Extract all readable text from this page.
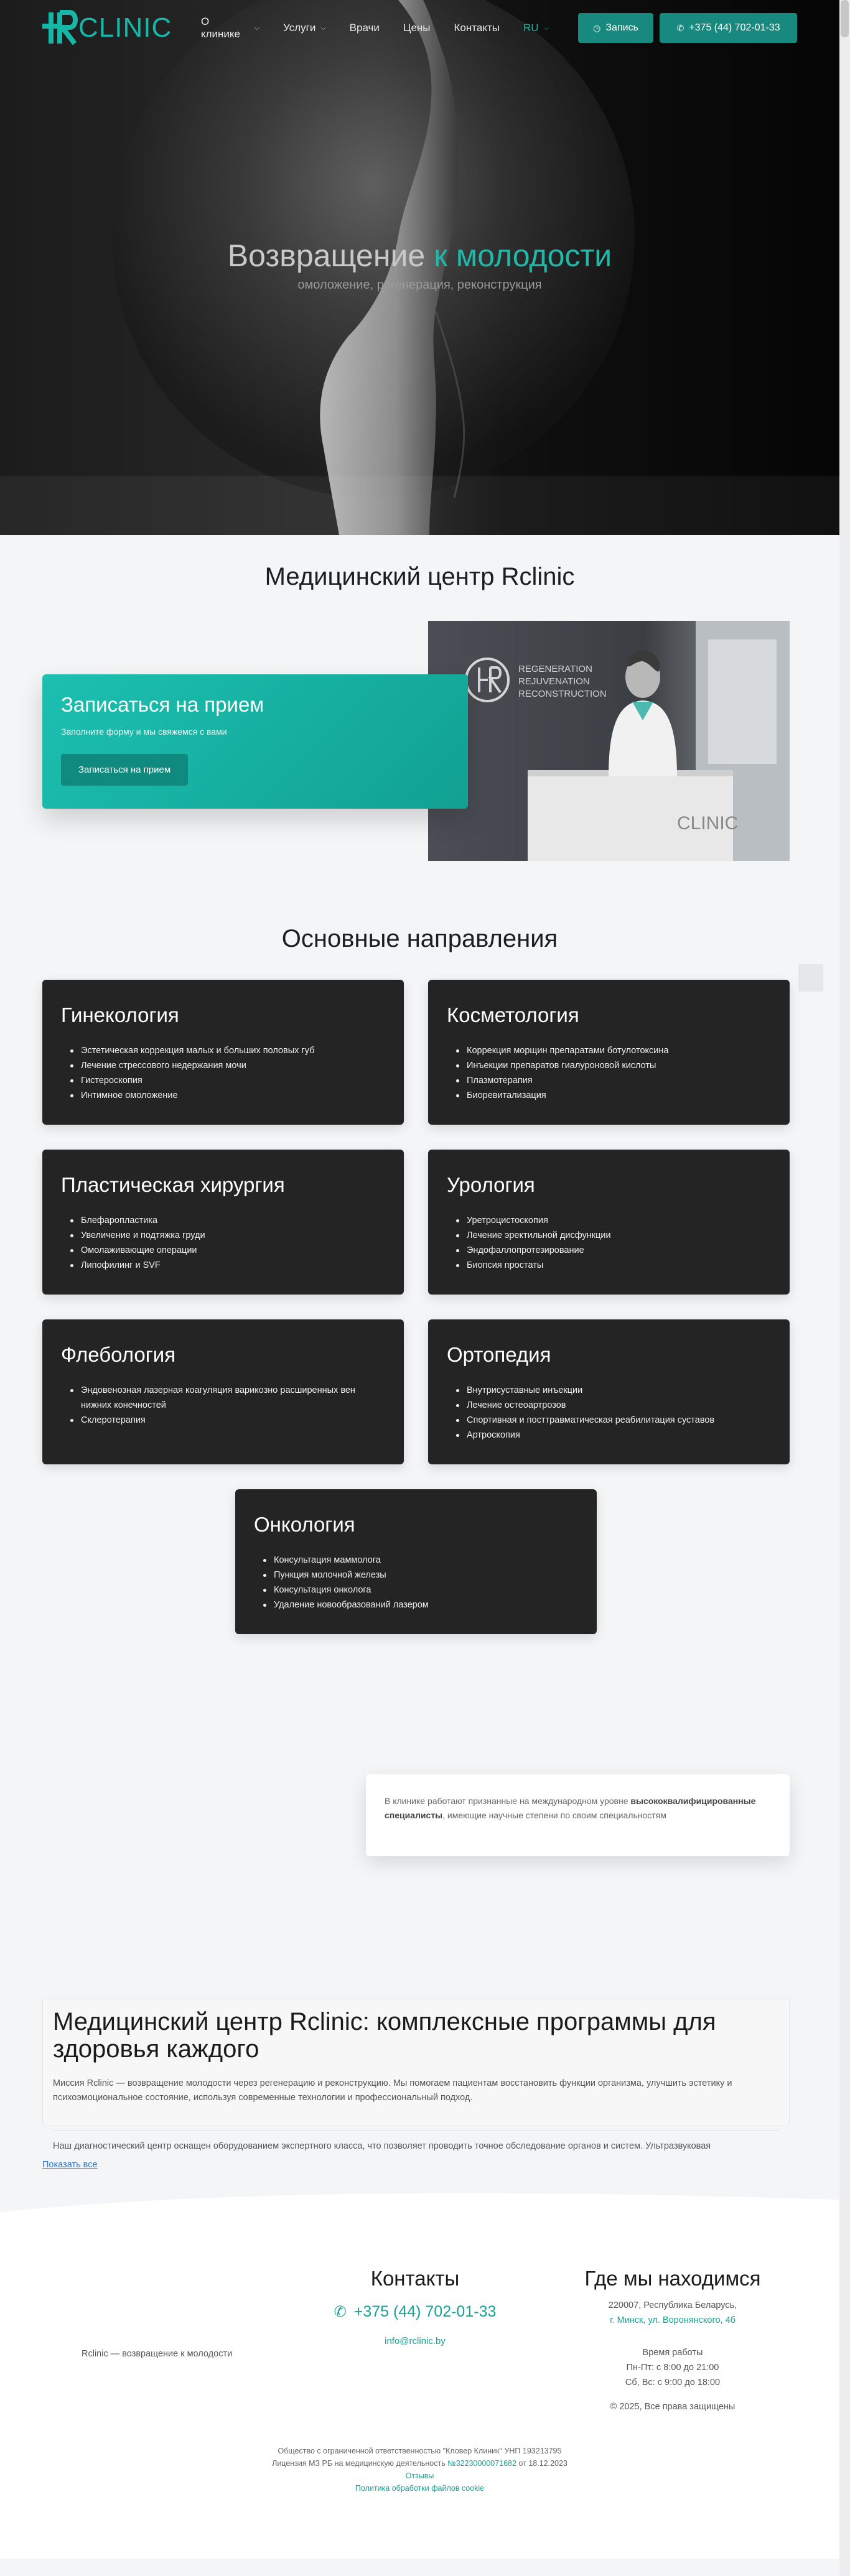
CLINIC	О клинике
⌵ Услуги ⌵ Врачи Цены Контакты RU ⌵	◷ Запись	✆ +375 (44) 702-01-33
Возвращение к молодости
омоложение, регенерация, реконструкция
Медицинский центр Rclinic
REGENERATION
REJUVENATION
RECONSTRUCTION
CLINIC
Записаться на прием
Заполните форму и мы свяжемся с вами
Записаться на прием
Основные направления
Гинекология
Эстетическая коррекция малых и больших половых губ
Лечение стрессового недержания мочи
Гистероскопия
Интимное омоложение
Косметология
Коррекция морщин препаратами ботулотоксина
Инъекции препаратов гиалуроновой кислоты
Плазмотерапия
Биоревитализация
Пластическая хирургия
Блефаропластика
Увеличение и подтяжка груди
Омолаживающие операции
Липофилинг и SVF
Урология
Уретроцистоскопия
Лечение эректильной дисфункции
Эндофаллопротезирование
Биопсия простаты
Флебология
Эндовенозная лазерная коагуляция варикозно расширенных вен нижних конечностей
Склеротерапия
Ортопедия
Внутрисуставные инъекции
Лечение остеоартрозов
Спортивная и посттравматическая реабилитация суставов
Артроскопия
Онкология
Консультация маммолога
Пункция молочной железы
Консультация онколога
Удаление новообразований лазером
В клинике работают признанные на международном уровне высококвалифицированные специалисты, имеющие научные степени по своим специальностям
Медицинский центр Rclinic: комплексные программы для здоровья каждого

Миссия Rclinic — возвращение молодости через регенерацию и реконструкцию. Мы помогаем пациентам восстановить функции организма, улучшить эстетику и психоэмоциональное состояние, используя современные технологии и профессиональный подход.

Наш диагностический центр оснащен оборудованием экспертного класса, что позволяет проводить точное обследование органов и систем. Ультразвуковая

Показать все
Rclinic — возвращение к молодости
Контакты
✆ +375 (44) 702-01-33
info@rclinic.by
Где мы находимся
220007, Республика Беларусь,
г. Минск, ул. Воронянского, 4б
Время работы
Пн-Пт: с 8:00 до 21:00
Сб, Вс: с 9:00 до 18:00
© 2025, Все права защищены
Общество с ограниченной ответственностью "Кловер Клиник" УНП 193213795
Лицензия МЗ РБ на медицинскую деятельность №32230000071682 от 18.12.2023
Отзывы
Политика обработки файлов cookie
